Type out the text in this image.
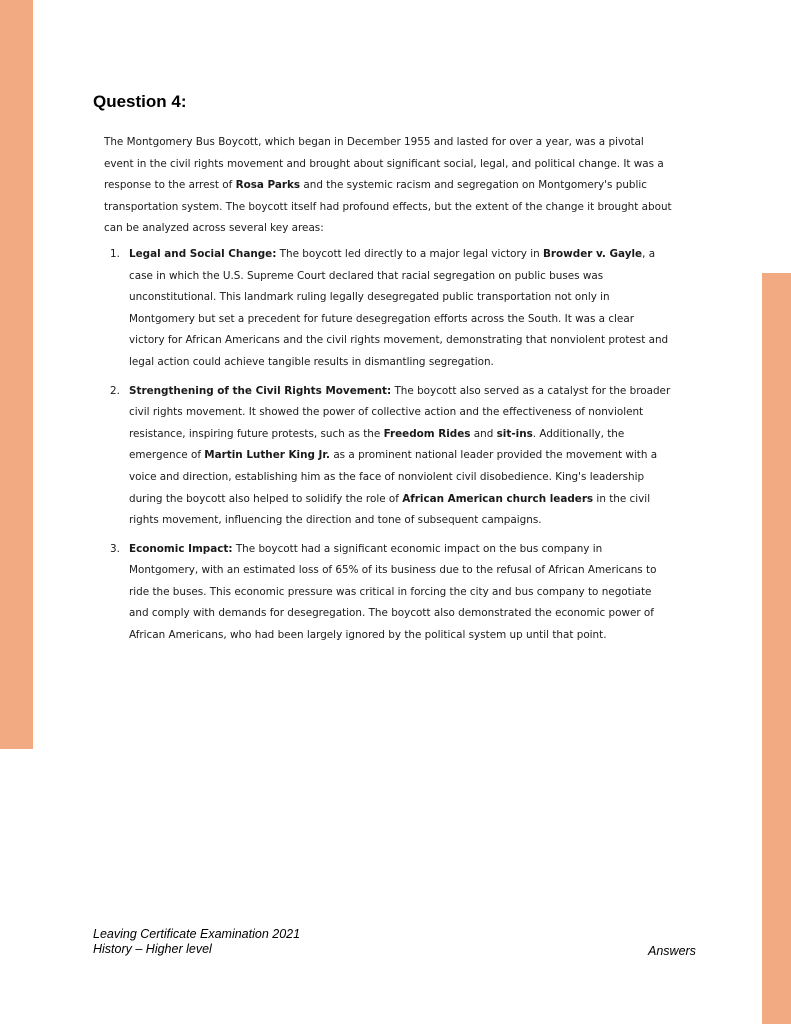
Question 4:

The Montgomery Bus Boycott, which began in December 1955 and lasted for over a year, was a pivotal event in the civil rights movement and brought about significant social, legal, and political change. It was a response to the arrest of Rosa Parks and the systemic racism and segregation on Montgomery's public transportation system. The boycott itself had profound effects, but the extent of the change it brought about can be analyzed across several key areas:

1. Legal and Social Change: The boycott led directly to a major legal victory in Browder v. Gayle, a case in which the U.S. Supreme Court declared that racial segregation on public buses was unconstitutional. This landmark ruling legally desegregated public transportation not only in Montgomery but set a precedent for future desegregation efforts across the South. It was a clear victory for African Americans and the civil rights movement, demonstrating that nonviolent protest and legal action could achieve tangible results in dismantling segregation.
2. Strengthening of the Civil Rights Movement: The boycott also served as a catalyst for the broader civil rights movement. It showed the power of collective action and the effectiveness of nonviolent resistance, inspiring future protests, such as the Freedom Rides and sit-ins. Additionally, the emergence of Martin Luther King Jr. as a prominent national leader provided the movement with a voice and direction, establishing him as the face of nonviolent civil disobedience. King's leadership during the boycott also helped to solidify the role of African American church leaders in the civil rights movement, influencing the direction and tone of subsequent campaigns.
3. Economic Impact: The boycott had a significant economic impact on the bus company in Montgomery, with an estimated loss of 65% of its business due to the refusal of African Americans to ride the buses. This economic pressure was critical in forcing the city and bus company to negotiate and comply with demands for desegregation. The boycott also demonstrated the economic power of African Americans, who had been largely ignored by the political system up until that point.
Leaving Certificate Examination 2021
History – Higher level	Answers
